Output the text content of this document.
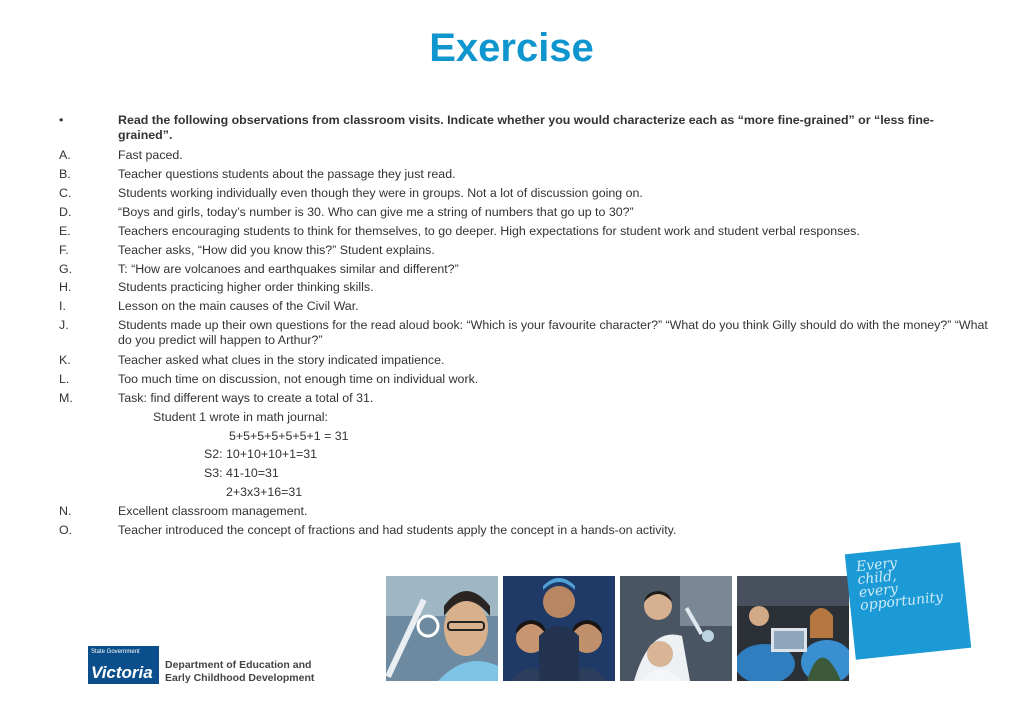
Exercise
•	Read the following observations from classroom visits. Indicate whether you would characterize each as “more fine-grained” or “less fine-grained”.
A.	Fast paced.
B.	Teacher questions students about the passage they just read.
C.	Students working individually even though they were in groups. Not a lot of discussion going on.
D.	“Boys and girls, today’s number is 30. Who can give me a string of numbers that go up to 30?”
E.	Teachers encouraging students to think for themselves, to go deeper. High expectations for student work and student verbal responses.
F.	Teacher asks, “How did you know this?” Student explains.
G.	T: “How are volcanoes and earthquakes similar and different?”
H.	Students practicing higher order thinking skills.
I.	Lesson on the main causes of the Civil War.
J.	Students made up their own questions for the read aloud book: “Which is your favourite character?” “What do you think Gilly should do with the money?” “What do you predict will happen to Arthur?”
K.	Teacher asked what clues in the story indicated impatience.
L.	Too much time on discussion, not enough time on individual work.
M.	Task: find different ways to create a total of 31.
Student 1 wrote in math journal:
5+5+5+5+5+5+1 = 31
S2: 10+10+10+1=31
S3: 41-10=31
2+3x3+16=31
N.	Excellent classroom management.
O.	Teacher introduced the concept of fractions and had students apply the concept in a hands-on activity.
Every
child,
every
opportunity
State Government
Victoria Department of Education and
Early Childhood Development
